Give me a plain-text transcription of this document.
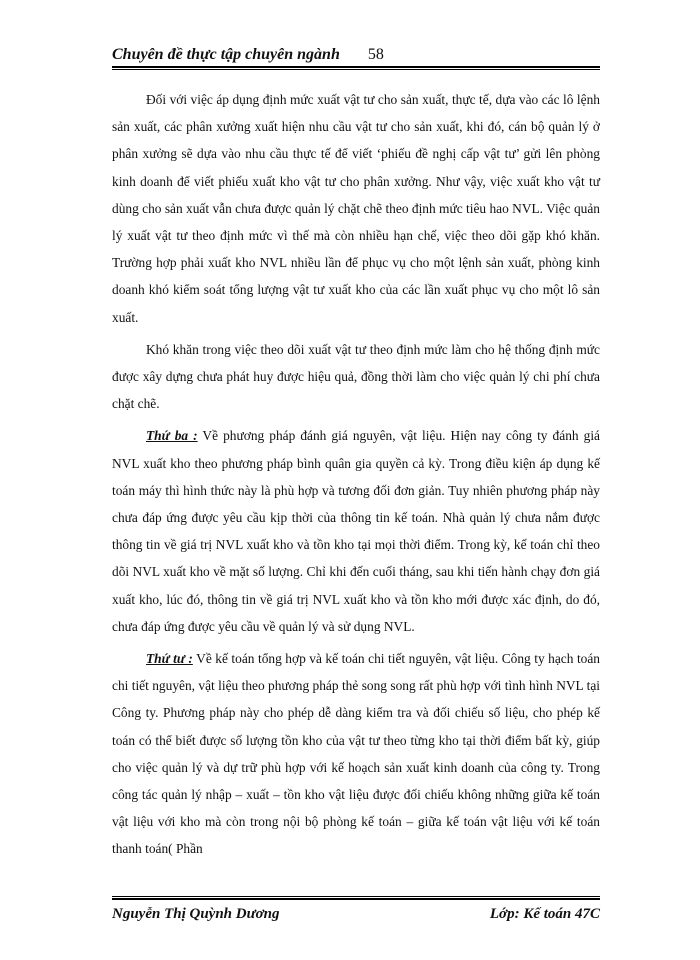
Chuyên đề thực tập chuyên ngành 58

Đối với việc áp dụng định mức xuất vật tư cho sản xuất, thực tế, dựa vào các lô lệnh sản xuất, các phân xưởng xuất hiện nhu cầu vật tư cho sản xuất, khi đó, cán bộ quản lý ở phân xưởng sẽ dựa vào nhu cầu thực tế để viết ‘phiếu đề nghị cấp vật tư’ gửi lên phòng kinh doanh để viết phiếu xuất kho vật tư cho phân xưởng. Như vậy, việc xuất kho vật tư dùng cho sản xuất vẫn chưa được quản lý chặt chẽ theo định mức tiêu hao NVL. Việc quản lý xuất vật tư theo định mức vì thế mà còn nhiều hạn chế, việc theo dõi gặp khó khăn. Trường hợp phải xuất kho NVL nhiều lần để phục vụ cho một lệnh sản xuất, phòng kinh doanh khó kiểm soát tổng lượng vật tư xuất kho của các lần xuất phục vụ cho một lô sản xuất.

Khó khăn trong việc theo dõi xuất vật tư theo định mức làm cho hệ thống định mức được xây dựng chưa phát huy được hiệu quả, đồng thời làm cho việc quản lý chi phí chưa chặt chẽ.

Thứ ba : Về phương pháp đánh giá nguyên, vật liệu. Hiện nay công ty đánh giá NVL xuất kho theo phương pháp bình quân gia quyền cả kỳ. Trong điều kiện áp dụng kế toán máy thì hình thức này là phù hợp và tương đối đơn giản. Tuy nhiên phương pháp này chưa đáp ứng được yêu cầu kịp thời của thông tin kế toán. Nhà quản lý chưa nắm được thông tin về giá trị NVL xuất kho và tồn kho tại mọi thời điểm. Trong kỳ, kế toán chỉ theo dõi NVL xuất kho về mặt số lượng. Chỉ khi đến cuối tháng, sau khi tiến hành chạy đơn giá xuất kho, lúc đó, thông tin về giá trị NVL xuất kho và tồn kho mới được xác định, do đó, chưa đáp ứng được yêu cầu về quản lý và sử dụng NVL.

Thứ tư : Về kế toán tổng hợp và kế toán chi tiết nguyên, vật liệu. Công ty hạch toán chi tiết nguyên, vật liệu theo phương pháp thẻ song song rất phù hợp với tình hình NVL tại Công ty. Phương pháp này cho phép dễ dàng kiểm tra và đối chiếu số liệu, cho phép kế toán có thể biết được số lượng tồn kho của vật tư theo từng kho tại thời điểm bất kỳ, giúp cho việc quản lý và dự trữ phù hợp với kế hoạch sản xuất kinh doanh của công ty. Trong công tác quản lý nhập – xuất – tồn kho vật liệu được đối chiếu không những giữa kế toán vật liệu với kho mà còn trong nội bộ phòng kế toán – giữa kế toán vật liệu với kế toán thanh toán( Phần

Nguyễn Thị Quỳnh Dương	Lớp: Kế toán 47C
